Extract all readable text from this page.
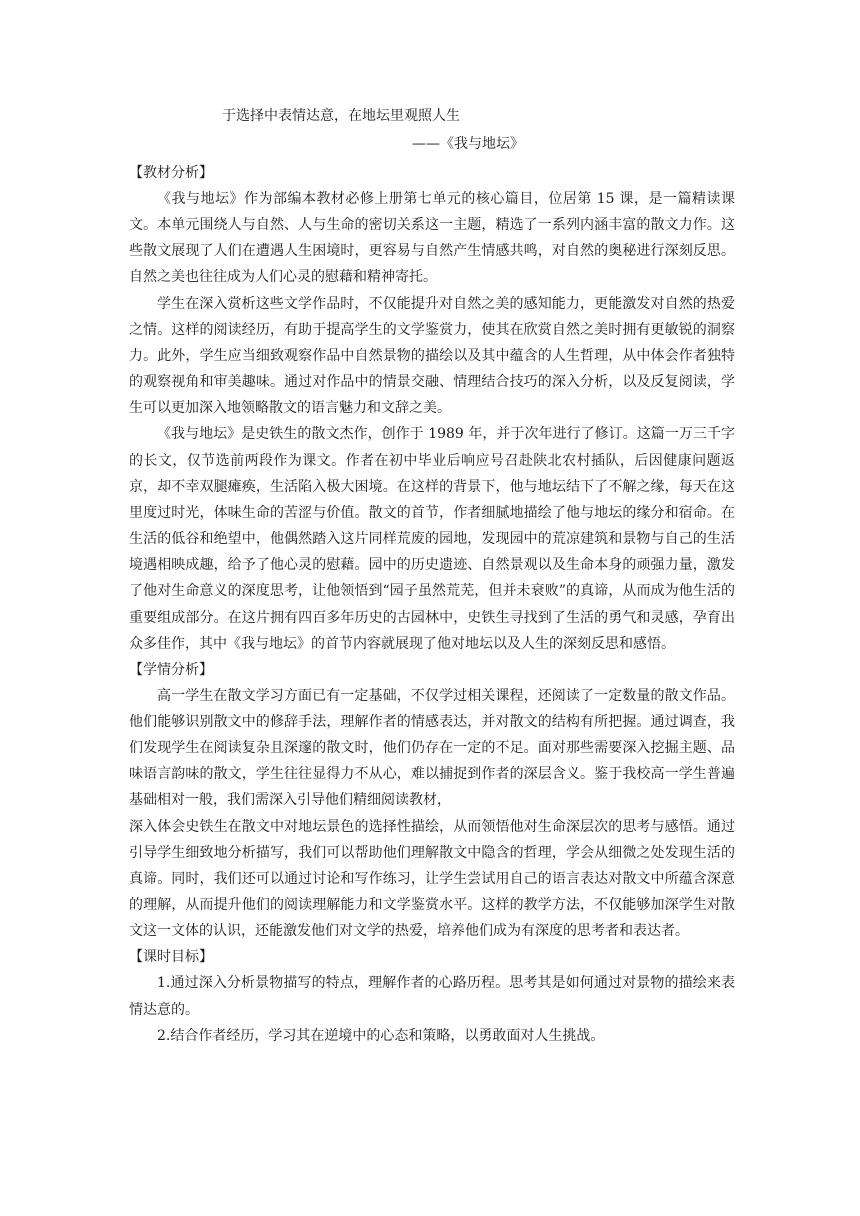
于选择中表情达意，在地坛里观照人生
——《我与地坛》
【教材分析】

《我与地坛》作为部编本教材必修上册第七单元的核心篇目，位居第 15 课，是一篇精读课文。本单元围绕人与自然、人与生命的密切关系这一主题，精选了一系列内涵丰富的散文力作。这些散文展现了人们在遭遇人生困境时，更容易与自然产生情感共鸣，对自然的奥秘进行深刻反思。自然之美也往往成为人们心灵的慰藉和精神寄托。

学生在深入赏析这些文学作品时，不仅能提升对自然之美的感知能力，更能激发对自然的热爱之情。这样的阅读经历，有助于提高学生的文学鉴赏力，使其在欣赏自然之美时拥有更敏锐的洞察力。此外，学生应当细致观察作品中自然景物的描绘以及其中蕴含的人生哲理，从中体会作者独特的观察视角和审美趣味。通过对作品中的情景交融、情理结合技巧的深入分析，以及反复阅读，学生可以更加深入地领略散文的语言魅力和文辞之美。

《我与地坛》是史铁生的散文杰作，创作于 1989 年，并于次年进行了修订。这篇一万三千字的长文，仅节选前两段作为课文。作者在初中毕业后响应号召赴陕北农村插队，后因健康问题返京，却不幸双腿瘫痪，生活陷入极大困境。在这样的背景下，他与地坛结下了不解之缘，每天在这里度过时光，体味生命的苦涩与价值。散文的首节，作者细腻地描绘了他与地坛的缘分和宿命。在生活的低谷和绝望中，他偶然踏入这片同样荒废的园地，发现园中的荒凉建筑和景物与自己的生活境遇相映成趣，给予了他心灵的慰藉。园中的历史遗迹、自然景观以及生命本身的顽强力量，激发了他对生命意义的深度思考，让他领悟到“园子虽然荒芜，但并未衰败”的真谛，从而成为他生活的重要组成部分。在这片拥有四百多年历史的古园林中，史铁生寻找到了生活的勇气和灵感，孕育出众多佳作，其中《我与地坛》的首节内容就展现了他对地坛以及人生的深刻反思和感悟。

【学情分析】

高一学生在散文学习方面已有一定基础，不仅学过相关课程，还阅读了一定数量的散文作品。他们能够识别散文中的修辞手法，理解作者的情感表达，并对散文的结构有所把握。通过调查，我们发现学生在阅读复杂且深邃的散文时，他们仍存在一定的不足。面对那些需要深入挖掘主题、品味语言韵味的散文，学生往往显得力不从心，难以捕捉到作者的深层含义。鉴于我校高一学生普遍基础相对一般，我们需深入引导他们精细阅读教材，

深入体会史铁生在散文中对地坛景色的选择性描绘，从而领悟他对生命深层次的思考与感悟。通过引导学生细致地分析描写，我们可以帮助他们理解散文中隐含的哲理，学会从细微之处发现生活的真谛。同时，我们还可以通过讨论和写作练习，让学生尝试用自己的语言表达对散文中所蕴含深意的理解，从而提升他们的阅读理解能力和文学鉴赏水平。这样的教学方法，不仅能够加深学生对散文这一文体的认识，还能激发他们对文学的热爱，培养他们成为有深度的思考者和表达者。

【课时目标】

1.通过深入分析景物描写的特点，理解作者的心路历程。思考其是如何通过对景物的描绘来表情达意的。

2.结合作者经历，学习其在逆境中的心态和策略，以勇敢面对人生挑战。
